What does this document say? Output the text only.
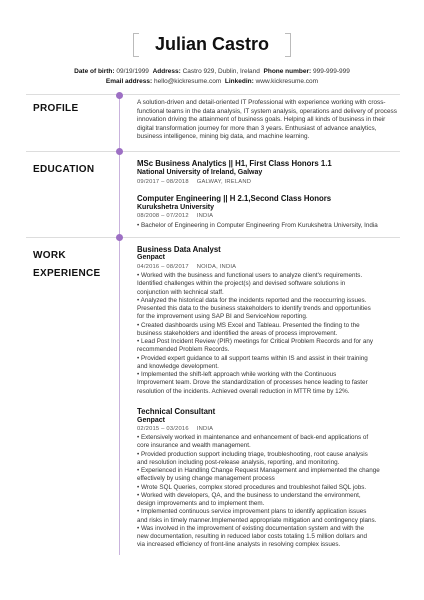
Julian Castro
Date of birth: 09/19/1999 Address: Castro 929, Dublin, Ireland Phone number: 999-999-999
Email address: hello@kickresume.com Linkedin: www.kickresume.com
PROFILE
A solution-driven and detail-oriented IT Professional with experience working with cross-functional teams in the data analysis, IT system analysis, operations and delivery of process innovation driving the attainment of business goals. Helping all kinds of business in their digital transformation journey for more than 3 years. Enthusiast of advance analytics, business intelligence, mining big data, and machine learning.
EDUCATION
MSc Business Analytics || H1, First Class Honors 1.1
National University of Ireland, Galway
09/2017 – 08/2018 GALWAY, IRELAND
Computer Engineering || H 2.1,Second Class Honors
Kurukshetra University
08/2008 – 07/2012 INDIA
• Bachelor of Engineering in Computer Engineering From Kurukshetra University, India
WORK
EXPERIENCE
Business Data Analyst
Genpact
04/2016 – 08/2017 NOIDA, INDIA
• Worked with the business and functional users to analyze client's requirements.
Identified challenges within the project(s) and devised software solutions in
conjunction with technical staff.
• Analyzed the historical data for the incidents reported and the reoccurring issues.
Presented this data to the business stakeholders to identify trends and opportunities
for the improvement using SAP BI and ServiceNow reporting.
• Created dashboards using MS Excel and Tableau. Presented the finding to the
business stakeholders and identified the areas of process improvement.
• Lead Post Incident Review (PIR) meetings for Critical Problem Records and for any
recommended Problem Records.
• Provided expert guidance to all support teams within IS and assist in their training
and knowledge development.
• Implemented the shift-left approach while working with the Continuous
Improvement team. Drove the standardization of processes hence leading to faster
resolution of the incidents. Achieved overall reduction in MTTR time by 12%.
Technical Consultant
Genpact
02/2015 – 03/2016 INDIA
• Extensively worked in maintenance and enhancement of back-end applications of
core insurance and wealth management.
• Provided production support including triage, troubleshooting, root cause analysis
and resolution including post-release analysis, reporting, and monitoring.
• Experienced in Handling Change Request Management and implemented the change
effectively by using change management process
• Wrote SQL Queries, complex stored procedures and troubleshot failed SQL jobs.
• Worked with developers, QA, and the business to understand the environment,
design improvements and to implement them.
• Implemented continuous service improvement plans to identify application issues
and risks in timely manner.Implemented appropriate mitigation and contingency plans.
• Was involved in the improvement of existing documentation system and with the
new documentation, resulting in reduced labor costs totaling 1.5 million dollars and
via increased efficiency of front-line analysts in resolving complex issues.
